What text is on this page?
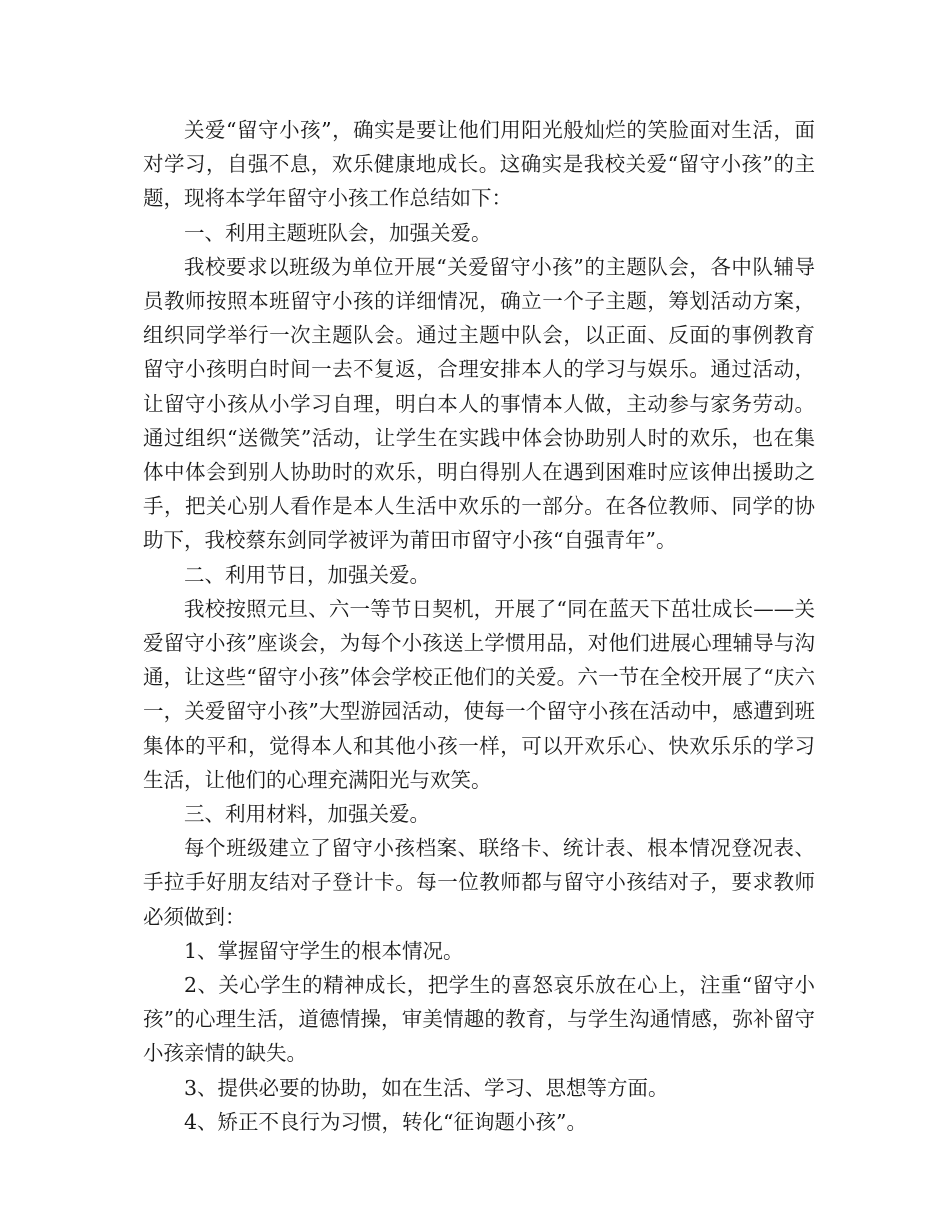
关爱“留守小孩”，确实是要让他们用阳光般灿烂的笑脸面对生活，面对学习，自强不息，欢乐健康地成长。这确实是我校关爱“留守小孩”的主题，现将本学年留守小孩工作总结如下：

一、利用主题班队会，加强关爱。

我校要求以班级为单位开展“关爱留守小孩”的主题队会，各中队辅导员教师按照本班留守小孩的详细情况，确立一个子主题，筹划活动方案，组织同学举行一次主题队会。通过主题中队会，以正面、反面的事例教育留守小孩明白时间一去不复返，合理安排本人的学习与娱乐。通过活动，让留守小孩从小学习自理，明白本人的事情本人做，主动参与家务劳动。通过组织“送微笑”活动，让学生在实践中体会协助别人时的欢乐，也在集体中体会到别人协助时的欢乐，明白得别人在遇到困难时应该伸出援助之手，把关心别人看作是本人生活中欢乐的一部分。在各位教师、同学的协助下，我校蔡东剑同学被评为莆田市留守小孩“自强青年”。

二、利用节日，加强关爱。

我校按照元旦、六一等节日契机，开展了“同在蓝天下茁壮成长——关爱留守小孩”座谈会，为每个小孩送上学惯用品，对他们进展心理辅导与沟通，让这些“留守小孩”体会学校正他们的关爱。六一节在全校开展了“庆六一，关爱留守小孩”大型游园活动，使每一个留守小孩在活动中，感遭到班集体的平和，觉得本人和其他小孩一样，可以开欢乐心、快欢乐乐的学习生活，让他们的心理充满阳光与欢笑。

三、利用材料，加强关爱。

每个班级建立了留守小孩档案、联络卡、统计表、根本情况登况表、手拉手好朋友结对子登计卡。每一位教师都与留守小孩结对子，要求教师必须做到：

1、掌握留守学生的根本情况。

2、关心学生的精神成长，把学生的喜怒哀乐放在心上，注重“留守小孩”的心理生活，道德情操，审美情趣的教育，与学生沟通情感，弥补留守小孩亲情的缺失。

3、提供必要的协助，如在生活、学习、思想等方面。

4、矫正不良行为习惯，转化“征询题小孩”。
